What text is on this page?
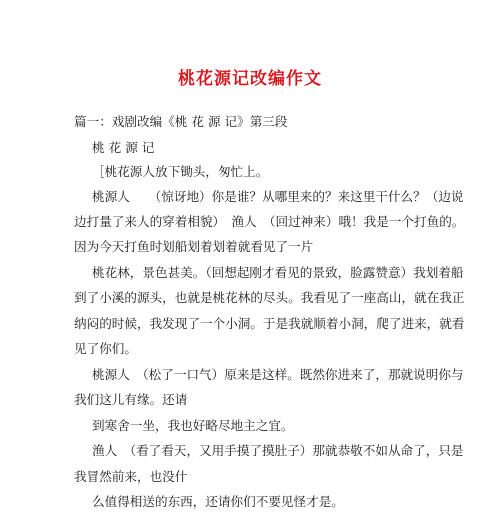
桃花源记改编作文
篇一：戏剧改编《桃 花 源 记》第三段
桃 花 源 记
［桃花源人放下锄头，匆忙上。
桃源人　　（惊讶地）你是谁？从哪里来的？来这里干什么？（边说
边打量了来人的穿着相貌）　渔人　（回过神来）哦！我是一个打鱼的。
因为今天打鱼时划船划着划着就看见了一片
桃花林，景色甚美。（回想起刚才看见的景致，脸露赞意）我划着船
到了小溪的源头，也就是桃花林的尽头。我看见了一座高山，就在我正
纳闷的时候，我发现了一个小洞。于是我就顺着小洞，爬了进来，就看
见了你们。
桃源人　（松了一口气）原来是这样。既然你进来了，那就说明你与
我们这儿有缘。还请
到寒舍一坐，我也好略尽地主之宜。
渔人　（看了看天，又用手摸了摸肚子）那就恭敬不如从命了，只是
我冒然前来，也没什
么值得相送的东西，还请你们不要见怪才是。
